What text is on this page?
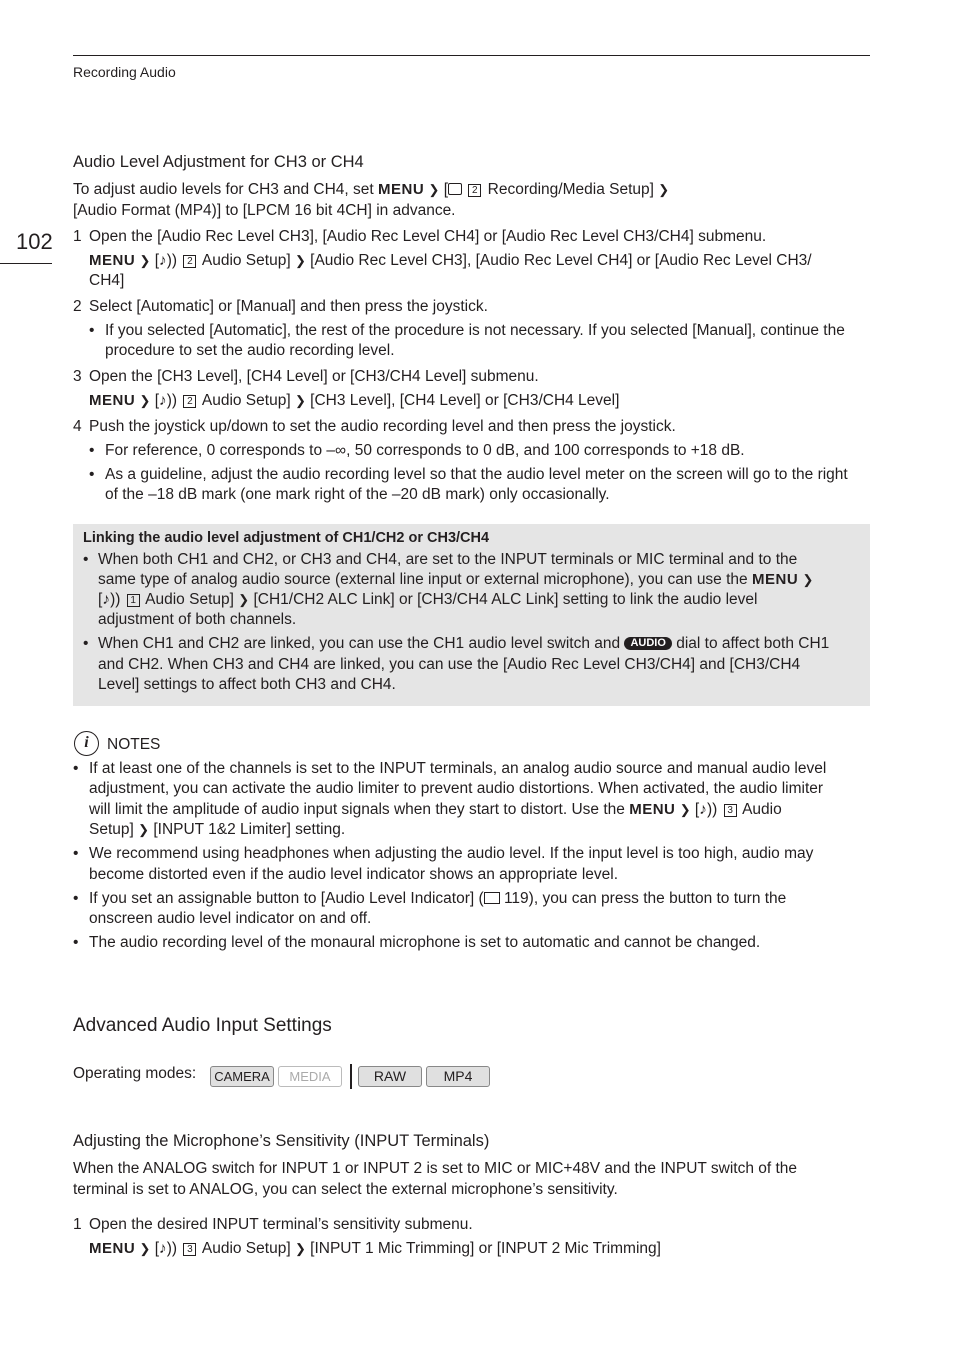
Recording Audio
102
Audio Level Adjustment for CH3 or CH4
To adjust audio levels for CH3 and CH4, set MENU ❯ [ 2 Recording/Media Setup] ❯
[Audio Format (MP4)] to [LPCM 16 bit 4CH] in advance.
1 Open the [Audio Rec Level CH3], [Audio Rec Level CH4] or [Audio Rec Level CH3/CH4] submenu.
MENU ❯ [♪)) 2 Audio Setup] ❯ [Audio Rec Level CH3], [Audio Rec Level CH4] or [Audio Rec Level CH3/
CH4]
2 Select [Automatic] or [Manual] and then press the joystick.
• If you selected [Automatic], the rest of the procedure is not necessary. If you selected [Manual], continue the
procedure to set the audio recording level.
3 Open the [CH3 Level], [CH4 Level] or [CH3/CH4 Level] submenu.
MENU ❯ [♪)) 2 Audio Setup] ❯ [CH3 Level], [CH4 Level] or [CH3/CH4 Level]
4 Push the joystick up/down to set the audio recording level and then press the joystick.
• For reference, 0 corresponds to –∞, 50 corresponds to 0 dB, and 100 corresponds to +18 dB.
• As a guideline, adjust the audio recording level so that the audio level meter on the screen will go to the right
of the –18 dB mark (one mark right of the –20 dB mark) only occasionally.
Linking the audio level adjustment of CH1/CH2 or CH3/CH4
• When both CH1 and CH2, or CH3 and CH4, are set to the INPUT terminals or MIC terminal and to the
same type of analog audio source (external line input or external microphone), you can use the MENU ❯
[♪)) 1 Audio Setup] ❯ [CH1/CH2 ALC Link] or [CH3/CH4 ALC Link] setting to link the audio level
adjustment of both channels.
• When CH1 and CH2 are linked, you can use the CH1 audio level switch and AUDIO dial to affect both CH1
and CH2. When CH3 and CH4 are linked, you can use the [Audio Rec Level CH3/CH4] and [CH3/CH4
Level] settings to affect both CH3 and CH4.
i	NOTES
• If at least one of the channels is set to the INPUT terminals, an analog audio source and manual audio level
adjustment, you can activate the audio limiter to prevent audio distortions. When activated, the audio limiter
will limit the amplitude of audio input signals when they start to distort. Use the MENU ❯ [♪)) 3 Audio
Setup] ❯ [INPUT 1&2 Limiter] setting.
• We recommend using headphones when adjusting the audio level. If the input level is too high, audio may
become distorted even if the audio level indicator shows an appropriate level.
• If you set an assignable button to [Audio Level Indicator] ( 119), you can press the button to turn the
onscreen audio level indicator on and off.
• The audio recording level of the monaural microphone is set to automatic and cannot be changed.
Advanced Audio Input Settings
Operating modes:	CAMERA	MEDIA	RAW	MP4
Adjusting the Microphone’s Sensitivity (INPUT Terminals)
When the ANALOG switch for INPUT 1 or INPUT 2 is set to MIC or MIC+48V and the INPUT switch of the
terminal is set to ANALOG, you can select the external microphone’s sensitivity.
1 Open the desired INPUT terminal’s sensitivity submenu.
MENU ❯ [♪)) 3 Audio Setup] ❯ [INPUT 1 Mic Trimming] or [INPUT 2 Mic Trimming]
